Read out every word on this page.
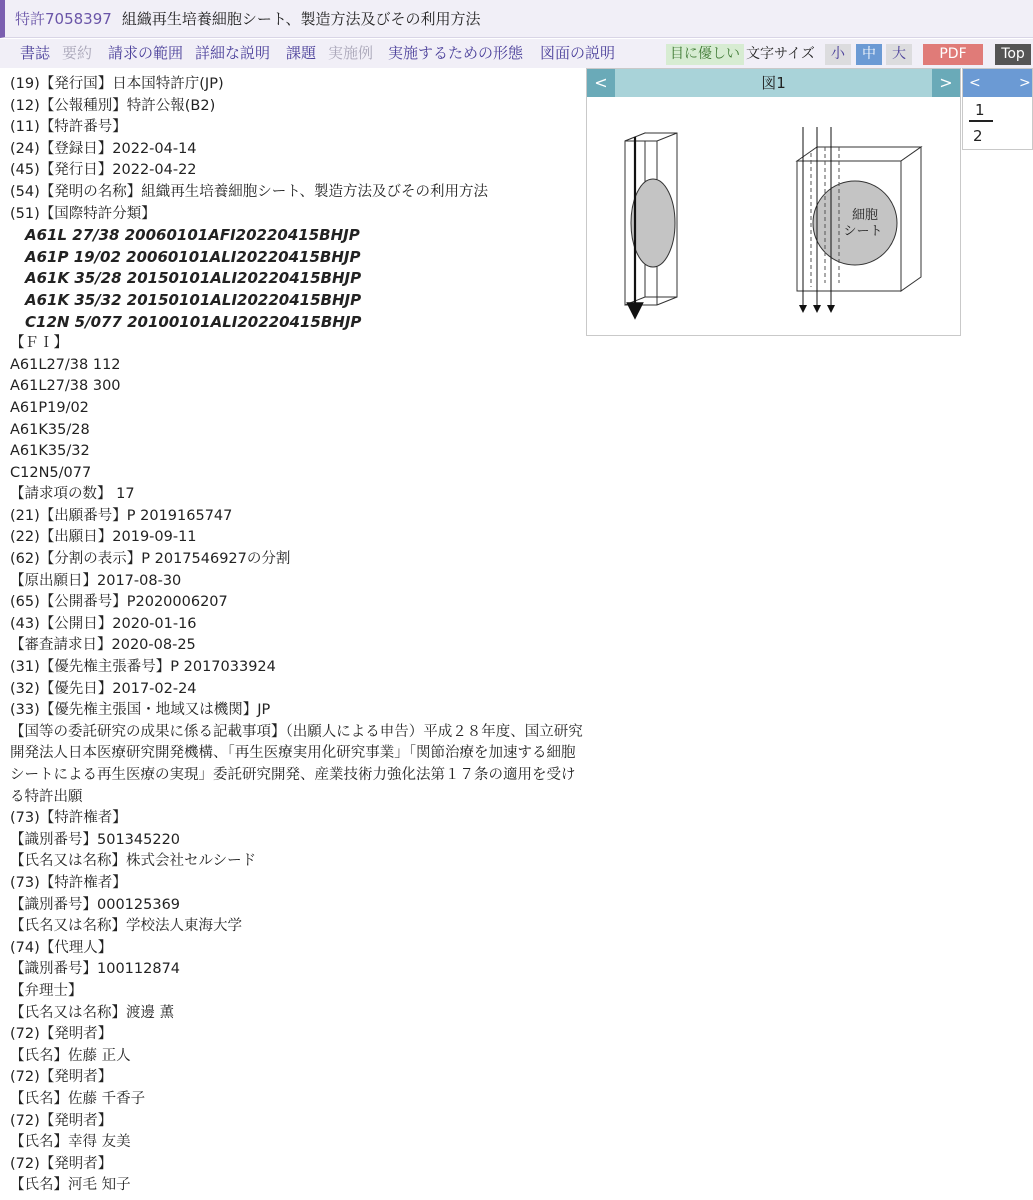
特許7058397 組織再生培養細胞シート、製造方法及びその利用方法
書誌 要約 請求の範囲 詳細な説明 課題 実施例 実施するための形態 図面の説明	目に優しい 文字サイズ	小	中	大	PDF	Top
(19)【発行国】日本国特許庁(JP)
(12)【公報種別】特許公報(B2)
(11)【特許番号】
(24)【登録日】2022-04-14
(45)【発行日】2022-04-22
(54)【発明の名称】組織再生培養細胞シート、製造方法及びその利用方法
(51)【国際特許分類】
A61L 27/38 20060101AFI20220415BHJP
A61P 19/02 20060101ALI20220415BHJP
A61K 35/28 20150101ALI20220415BHJP
A61K 35/32 20150101ALI20220415BHJP
C12N 5/077 20100101ALI20220415BHJP
【ＦＩ】
A61L27/38 112
A61L27/38 300
A61P19/02
A61K35/28
A61K35/32
C12N5/077
【請求項の数】 17
(21)【出願番号】P 2019165747
(22)【出願日】2019-09-11
(62)【分割の表示】P 2017546927の分割
【原出願日】2017-08-30
(65)【公開番号】P2020006207
(43)【公開日】2020-01-16
【審査請求日】2020-08-25
(31)【優先権主張番号】P 2017033924
(32)【優先日】2017-02-24
(33)【優先権主張国・地域又は機関】JP
【国等の委託研究の成果に係る記載事項】（出願人による申告）平成２８年度、国立研究開発法人日本医療研究開発機構、「再生医療実用化研究事業」「関節治療を加速する細胞シートによる再生医療の実現」委託研究開発、産業技術力強化法第１７条の適用を受ける特許出願
(73)【特許権者】
【識別番号】501345220
【氏名又は名称】株式会社セルシード
(73)【特許権者】
【識別番号】000125369
【氏名又は名称】学校法人東海大学
(74)【代理人】
【識別番号】100112874
【弁理士】
【氏名又は名称】渡邊 薫
(72)【発明者】
【氏名】佐藤 正人
(72)【発明者】
【氏名】佐藤 千香子
(72)【発明者】
【氏名】幸得 友美
(72)【発明者】
【氏名】河毛 知子
図1
<	>
細胞
シート
<	>
1
2
